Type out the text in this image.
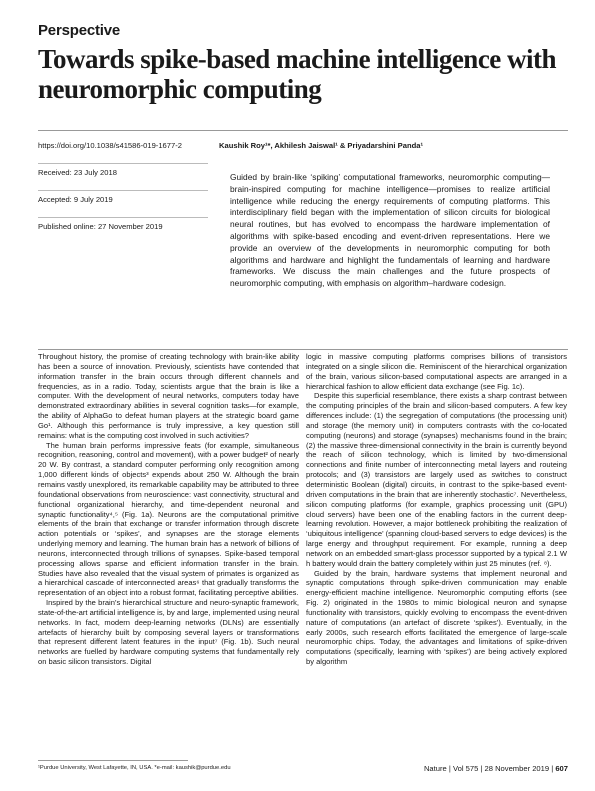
Perspective
Towards spike-based machine intelligence with neuromorphic computing
https://doi.org/10.1038/s41586-019-1677-2
Received: 23 July 2018
Accepted: 9 July 2019
Published online: 27 November 2019
Kaushik Roy¹*, Akhilesh Jaiswal¹ & Priyadarshini Panda¹
Guided by brain-like ‘spiking’ computational frameworks, neuromorphic computing—brain-inspired computing for machine intelligence—promises to realize artificial intelligence while reducing the energy requirements of computing platforms. This interdisciplinary field began with the implementation of silicon circuits for biological neural routines, but has evolved to encompass the hardware implementation of algorithms with spike-based encoding and event-driven representations. Here we provide an overview of the developments in neuromorphic computing for both algorithms and hardware and highlight the fundamentals of learning and hardware frameworks. We discuss the main challenges and the future prospects of neuromorphic computing, with emphasis on algorithm–hardware codesign.

Throughout history, the promise of creating technology with brain-like ability has been a source of innovation. Previously, scientists have contended that information transfer in the brain occurs through different channels and frequencies, as in a radio. Today, scientists argue that the brain is like a computer. With the development of neural networks, computers today have demonstrated extraordinary abilities in several cognition tasks—for example, the ability of AlphaGo to defeat human players at the strategic board game Go¹. Although this performance is truly impressive, a key question still remains: what is the computing cost involved in such activities?

The human brain performs impressive feats (for example, simultaneous recognition, reasoning, control and movement), with a power budget² of nearly 20 W. By contrast, a standard computer performing only recognition among 1,000 different kinds of objects³ expends about 250 W. Although the brain remains vastly unexplored, its remarkable capability may be attributed to three foundational observations from neuroscience: vast connectivity, structural and functional organizational hierarchy, and time-dependent neuronal and synaptic functionality⁴,⁵ (Fig. 1a). Neurons are the computational primitive elements of the brain that exchange or transfer information through discrete action potentials or ‘spikes’, and synapses are the storage elements underlying memory and learning. The human brain has a network of billions of neurons, interconnected through trillions of synapses. Spike-based temporal processing allows sparse and efficient information transfer in the brain. Studies have also revealed that the visual system of primates is organized as a hierarchical cascade of interconnected areas⁶ that gradually transforms the representation of an object into a robust format, facilitating perceptive abilities.

Inspired by the brain’s hierarchical structure and neuro-synaptic framework, state-of-the-art artificial intelligence is, by and large, implemented using neural networks. In fact, modern deep-learning networks (DLNs) are essentially artefacts of hierarchy built by composing several layers or transformations that represent different latent features in the input⁷ (Fig. 1b). Such neural networks are fuelled by hardware computing systems that fundamentally rely on basic silicon transistors. Digital

logic in massive computing platforms comprises billions of transistors integrated on a single silicon die. Reminiscent of the hierarchical organization of the brain, various silicon-based computational aspects are arranged in a hierarchical fashion to allow efficient data exchange (see Fig. 1c).

Despite this superficial resemblance, there exists a sharp contrast between the computing principles of the brain and silicon-based computers. A few key differences include: (1) the segregation of computations (the processing unit) and storage (the memory unit) in computers contrasts with the co-located computing (neurons) and storage (synapses) mechanisms found in the brain; (2) the massive three-dimensional connectivity in the brain is currently beyond the reach of silicon technology, which is limited by two-dimensional connections and finite number of interconnecting metal layers and routeing protocols; and (3) transistors are largely used as switches to construct deterministic Boolean (digital) circuits, in contrast to the spike-based event-driven computations in the brain that are inherently stochastic⁷. Nevertheless, silicon computing platforms (for example, graphics processing unit (GPU) cloud servers) have been one of the enabling factors in the current deep-learning revolution. However, a major bottleneck prohibiting the realization of ‘ubiquitous intelligence’ (spanning cloud-based servers to edge devices) is the large energy and throughput requirement. For example, running a deep network on an embedded smart-glass processor supported by a typical 2.1 W h battery would drain the battery completely within just 25 minutes (ref. ⁸).

Guided by the brain, hardware systems that implement neuronal and synaptic computations through spike-driven communication may enable energy-efficient machine intelligence. Neuromorphic computing efforts (see Fig. 2) originated in the 1980s to mimic biological neuron and synapse functionality with transistors, quickly evolving to encompass the event-driven nature of computations (an artefact of discrete ‘spikes’). Eventually, in the early 2000s, such research efforts facilitated the emergence of large-scale neuromorphic chips. Today, the advantages and limitations of spike-driven computations (specifically, learning with ‘spikes’) are being actively explored by algorithm

¹Purdue University, West Lafayette, IN, USA. *e-mail: kaushik@purdue.edu	Nature | Vol 575 | 28 November 2019 | 607
